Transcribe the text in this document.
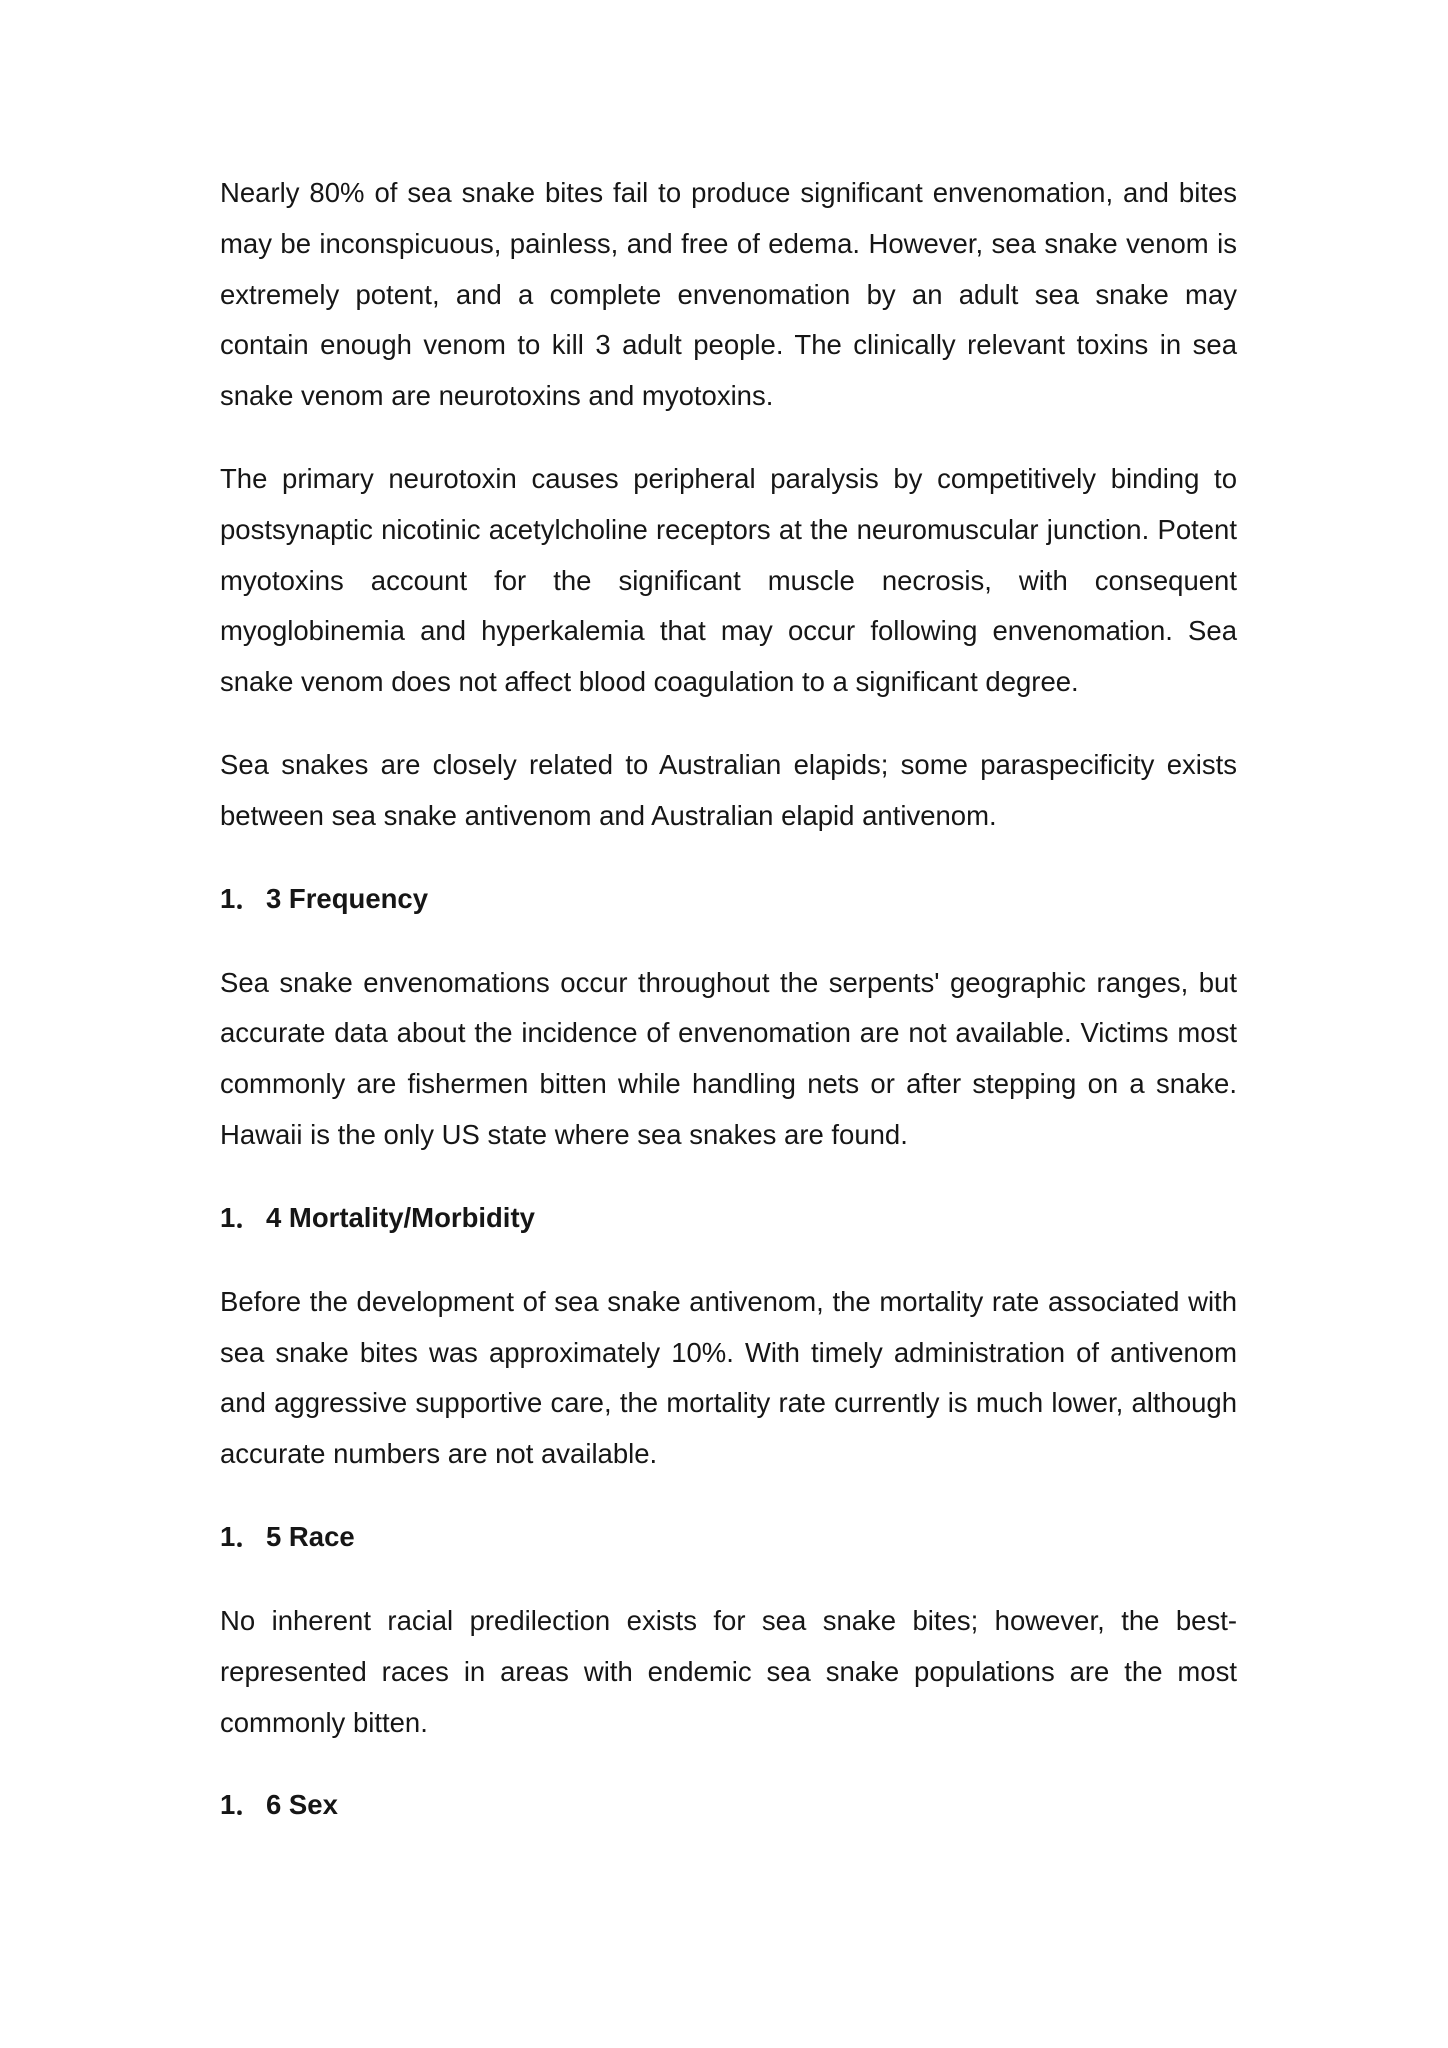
Nearly 80% of sea snake bites fail to produce significant envenomation, and bites may be inconspicuous, painless, and free of edema. However, sea snake venom is extremely potent, and a complete envenomation by an adult sea snake may contain enough venom to kill 3 adult people. The clinically relevant toxins in sea snake venom are neurotoxins and myotoxins.

The primary neurotoxin causes peripheral paralysis by competitively binding to postsynaptic nicotinic acetylcholine receptors at the neuromuscular junction. Potent myotoxins account for the significant muscle necrosis, with consequent myoglobinemia and hyperkalemia that may occur following envenomation. Sea snake venom does not affect blood coagulation to a significant degree.

Sea snakes are closely related to Australian elapids; some paraspecificity exists between sea snake antivenom and Australian elapid antivenom.

1． 3 Frequency

Sea snake envenomations occur throughout the serpents' geographic ranges, but accurate data about the incidence of envenomation are not available. Victims most commonly are fishermen bitten while handling nets or after stepping on a snake. Hawaii is the only US state where sea snakes are found.

1． 4 Mortality/Morbidity

Before the development of sea snake antivenom, the mortality rate associated with sea snake bites was approximately 10%. With timely administration of antivenom and aggressive supportive care, the mortality rate currently is much lower, although accurate numbers are not available.

1． 5 Race

No inherent racial predilection exists for sea snake bites; however, the best-represented races in areas with endemic sea snake populations are the most commonly bitten.

1． 6 Sex
